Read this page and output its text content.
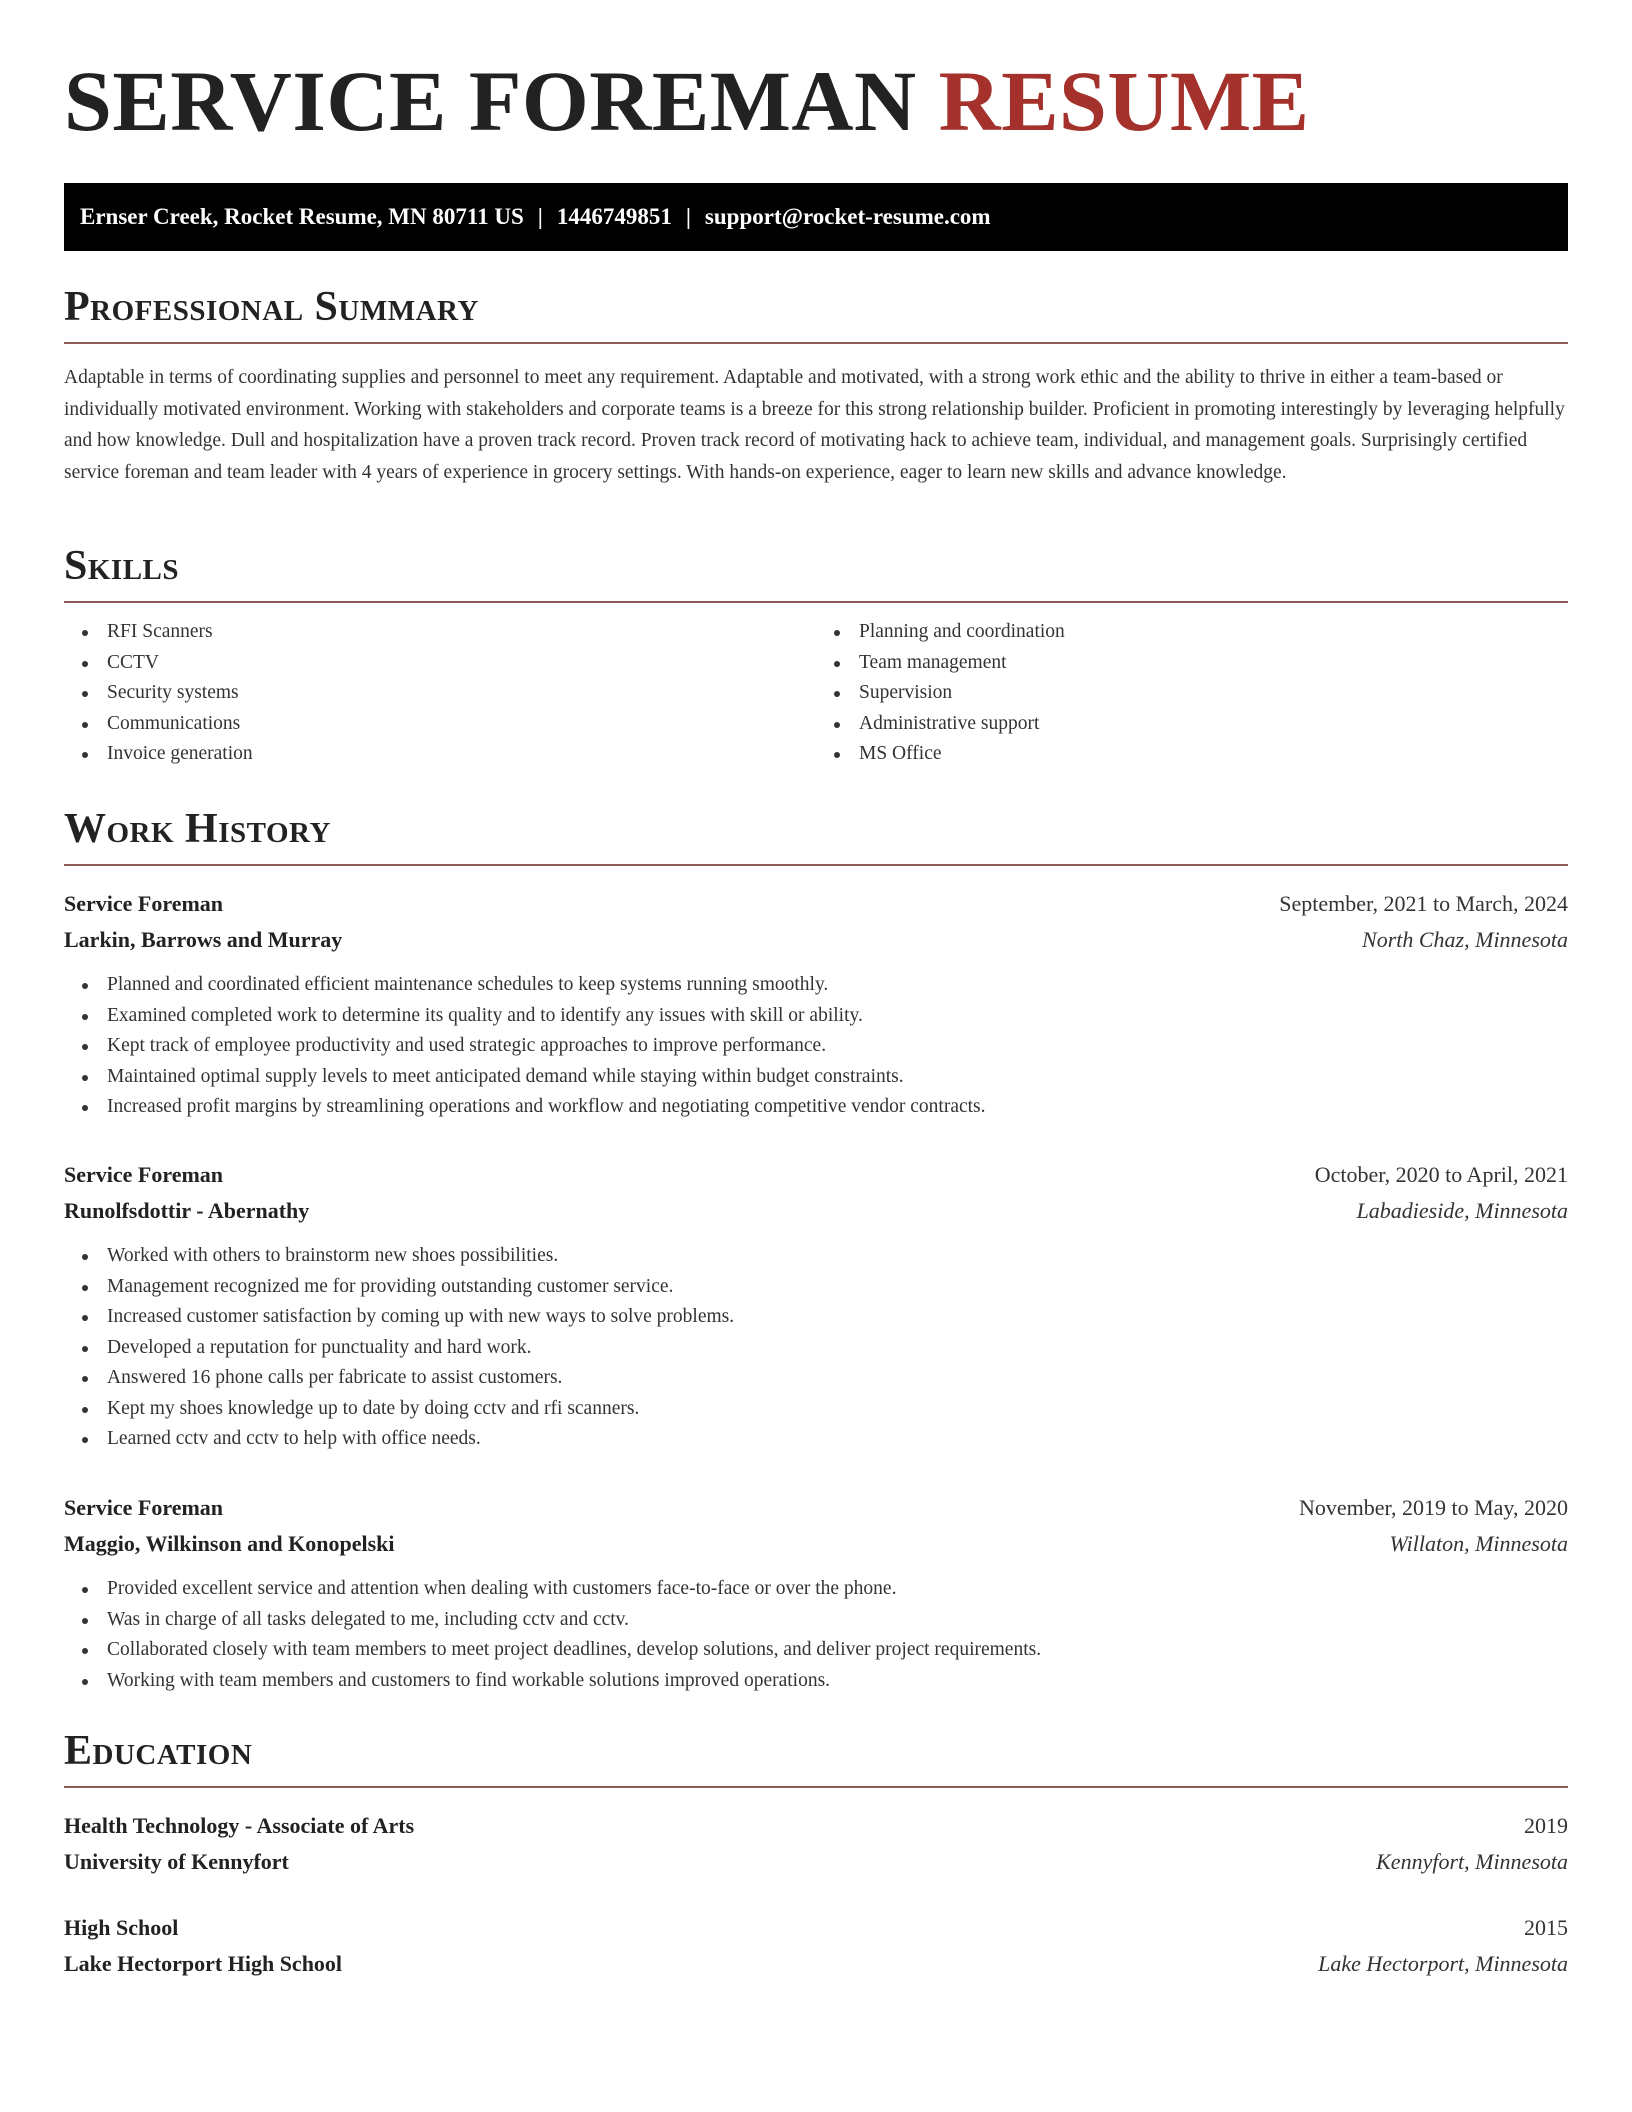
SERVICE FOREMAN RESUME
Ernser Creek, Rocket Resume, MN 80711 US | 1446749851 | support@rocket-resume.com
Professional Summary

Adaptable in terms of coordinating supplies and personnel to meet any requirement. Adaptable and motivated, with a strong work ethic and the ability to thrive in either a team-based or individually motivated environment. Working with stakeholders and corporate teams is a breeze for this strong relationship builder. Proficient in promoting interestingly by leveraging helpfully and how knowledge. Dull and hospitalization have a proven track record. Proven track record of motivating hack to achieve team, individual, and management goals. Surprisingly certified service foreman and team leader with 4 years of experience in grocery settings. With hands-on experience, eager to learn new skills and advance knowledge.

Skills
RFI Scanners
CCTV
Security systems
Communications
Invoice generation
Planning and coordination
Team management
Supervision
Administrative support
MS Office
Work History
Service Foreman	September, 2021 to March, 2024
Larkin, Barrows and Murray	North Chaz, Minnesota
Planned and coordinated efficient maintenance schedules to keep systems running smoothly.
Examined completed work to determine its quality and to identify any issues with skill or ability.
Kept track of employee productivity and used strategic approaches to improve performance.
Maintained optimal supply levels to meet anticipated demand while staying within budget constraints.
Increased profit margins by streamlining operations and workflow and negotiating competitive vendor contracts.
Service Foreman	October, 2020 to April, 2021
Runolfsdottir - Abernathy	Labadieside, Minnesota
Worked with others to brainstorm new shoes possibilities.
Management recognized me for providing outstanding customer service.
Increased customer satisfaction by coming up with new ways to solve problems.
Developed a reputation for punctuality and hard work.
Answered 16 phone calls per fabricate to assist customers.
Kept my shoes knowledge up to date by doing cctv and rfi scanners.
Learned cctv and cctv to help with office needs.
Service Foreman	November, 2019 to May, 2020
Maggio, Wilkinson and Konopelski	Willaton, Minnesota
Provided excellent service and attention when dealing with customers face-to-face or over the phone.
Was in charge of all tasks delegated to me, including cctv and cctv.
Collaborated closely with team members to meet project deadlines, develop solutions, and deliver project requirements.
Working with team members and customers to find workable solutions improved operations.
Education
Health Technology - Associate of Arts	2019
University of Kennyfort	Kennyfort, Minnesota
High School	2015
Lake Hectorport High School	Lake Hectorport, Minnesota
